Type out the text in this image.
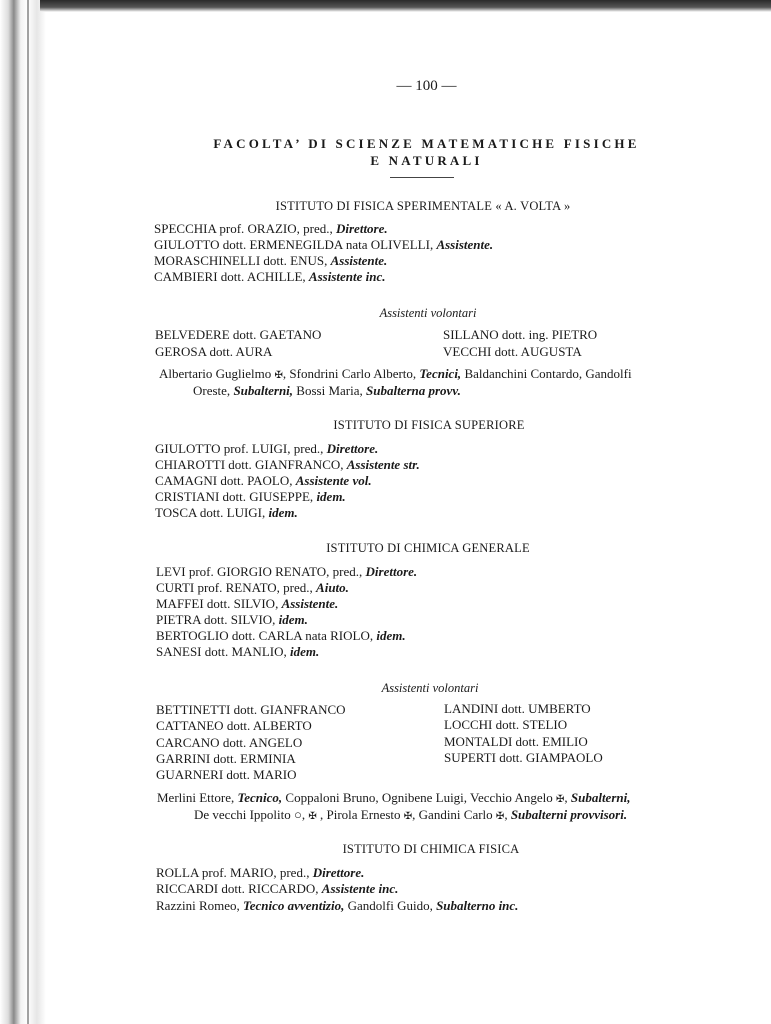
— 100 —
FACOLTA’ DI SCIENZE MATEMATICHE FISICHE
E NATURALI
ISTITUTO DI FISICA SPERIMENTALE « A. VOLTA »
SPECCHIA prof. ORAZIO, pred., Direttore.
GIULOTTO dott. ERMENEGILDA nata OLIVELLI, Assistente.
MORASCHINELLI dott. ENUS, Assistente.
CAMBIERI dott. ACHILLE, Assistente inc.
Assistenti volontari
BELVEDERE dott. GAETANO
GEROSA dott. AURA
SILLANO dott. ing. PIETRO
VECCHI dott. AUGUSTA
Albertario Guglielmo ✠, Sfondrini Carlo Alberto, Tecnici, Baldanchini Contardo, Gandolfi
Oreste, Subalterni, Bossi Maria, Subalterna provv.
ISTITUTO DI FISICA SUPERIORE
GIULOTTO prof. LUIGI, pred., Direttore.
CHIAROTTI dott. GIANFRANCO, Assistente str.
CAMAGNI dott. PAOLO, Assistente vol.
CRISTIANI dott. GIUSEPPE, idem.
TOSCA dott. LUIGI, idem.
ISTITUTO DI CHIMICA GENERALE
LEVI prof. GIORGIO RENATO, pred., Direttore.
CURTI prof. RENATO, pred., Aiuto.
MAFFEI dott. SILVIO, Assistente.
PIETRA dott. SILVIO, idem.
BERTOGLIO dott. CARLA nata RIOLO, idem.
SANESI dott. MANLIO, idem.
Assistenti volontari
BETTINETTI dott. GIANFRANCO
CATTANEO dott. ALBERTO
CARCANO dott. ANGELO
GARRINI dott. ERMINIA
GUARNERI dott. MARIO
LANDINI dott. UMBERTO
LOCCHI dott. STELIO
MONTALDI dott. EMILIO
SUPERTI dott. GIAMPAOLO
Merlini Ettore, Tecnico, Coppaloni Bruno, Ognibene Luigi, Vecchio Angelo ✠, Subalterni,
De vecchi Ippolito ○, ✠ , Pirola Ernesto ✠, Gandini Carlo ✠, Subalterni provvisori.
ISTITUTO DI CHIMICA FISICA
ROLLA prof. MARIO, pred., Direttore.
RICCARDI dott. RICCARDO, Assistente inc.
Razzini Romeo, Tecnico avventizio, Gandolfi Guido, Subalterno inc.
